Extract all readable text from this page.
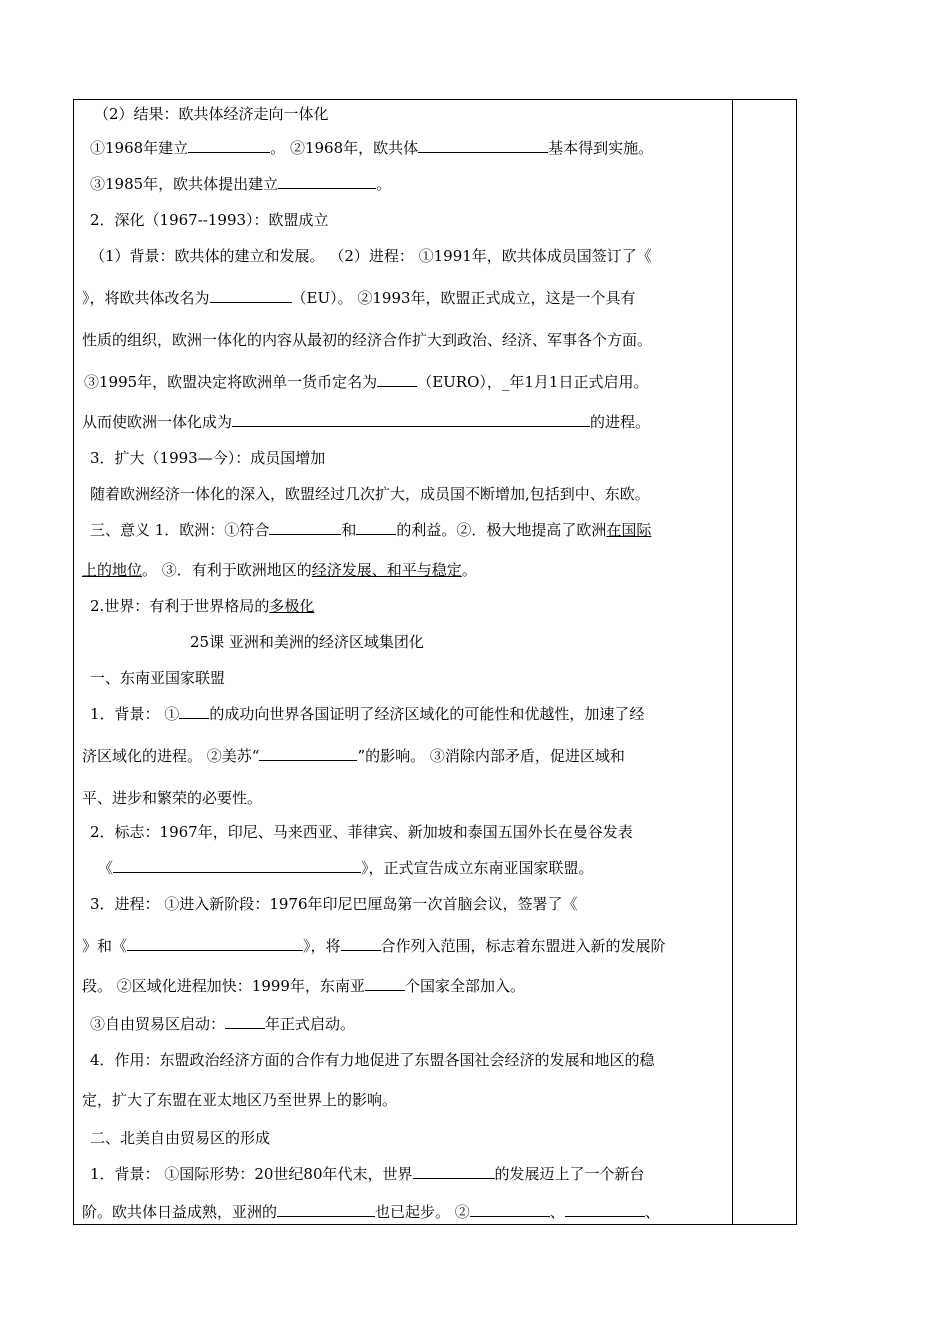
（2）结果：欧共体经济走向一体化
①1968年建立	。 ②1968年，欧共体	基本得到实施。
③1985年，欧共体提出建立	。
2．深化（1967--1993）：欧盟成立
（1）背景：欧共体的建立和发展。 （2）进程： ①1991年，欧共体成员国签订了《
》，将欧共体改名为	（EU）。 ②1993年，欧盟正式成立，这是一个具有
性质的组织，欧洲一体化的内容从最初的经济合作扩大到政治、经济、军事各个方面。
③1995年，欧盟决定将欧洲单一货币定名为	（EURO），_年1月1日正式启用。
从而使欧洲一体化成为	的进程。
3．扩大（1993—今）：成员国增加
随着欧洲经济一体化的深入，欧盟经过几次扩大，成员国不断增加,包括到中、东欧。
三、意义 1．欧洲：①符合	和	的利益。②．极大地提高了欧洲在国际
上的地位。 ③．有利于欧洲地区的经济发展、和平与稳定。
2.世界：有利于世界格局的多极化
25课 亚洲和美洲的经济区域集团化
一、东南亚国家联盟
1．背景： ① 的成功向世界各国证明了经济区域化的可能性和优越性，加速了经
济区域化的进程。 ②美苏“	”的影响。 ③消除内部矛盾，促进区域和
平、进步和繁荣的必要性。
2．标志：1967年，印尼、马来西亚、菲律宾、新加坡和泰国五国外长在曼谷发表
《	》，正式宣告成立东南亚国家联盟。
3．进程： ①进入新阶段：1976年印尼巴厘岛第一次首脑会议，签署了《
》和《	》，将	合作列入范围，标志着东盟进入新的发展阶
段。 ②区域化进程加快：1999年，东南亚	个国家全部加入。
③自由贸易区启动：	年正式启动。
4．作用：东盟政治经济方面的合作有力地促进了东盟各国社会经济的发展和地区的稳
定，扩大了东盟在亚太地区乃至世界上的影响。
二、北美自由贸易区的形成
1．背景： ①国际形势：20世纪80年代末，世界	的发展迈上了一个新台
阶。欧共体日益成熟，亚洲的	也已起步。 ②	、	、
